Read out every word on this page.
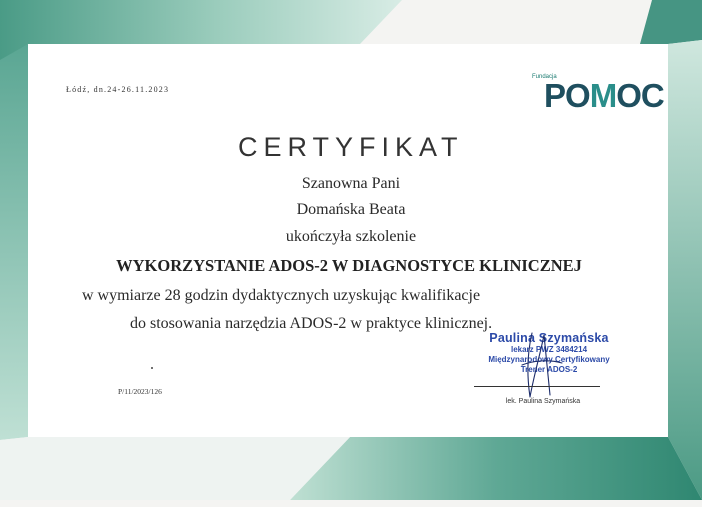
Łódź, dn.24-26.11.2023
Fundacja
POMOC
CERTYFIKAT
Szanowna Pani
Domańska Beata
ukończyła szkolenie
WYKORZYSTANIE ADOS-2 W DIAGNOSTYCE KLINICZNEJ
w wymiarze 28 godzin dydaktycznych uzyskując kwalifikacje
do stosowania narzędzia ADOS-2 w praktyce klinicznej.
P/11/2023/126
Paulina Szymańska
lekarz PWZ 3484214
Międzynarodowy Certyfikowany
Trener ADOS-2
lek. Paulina Szymańska
